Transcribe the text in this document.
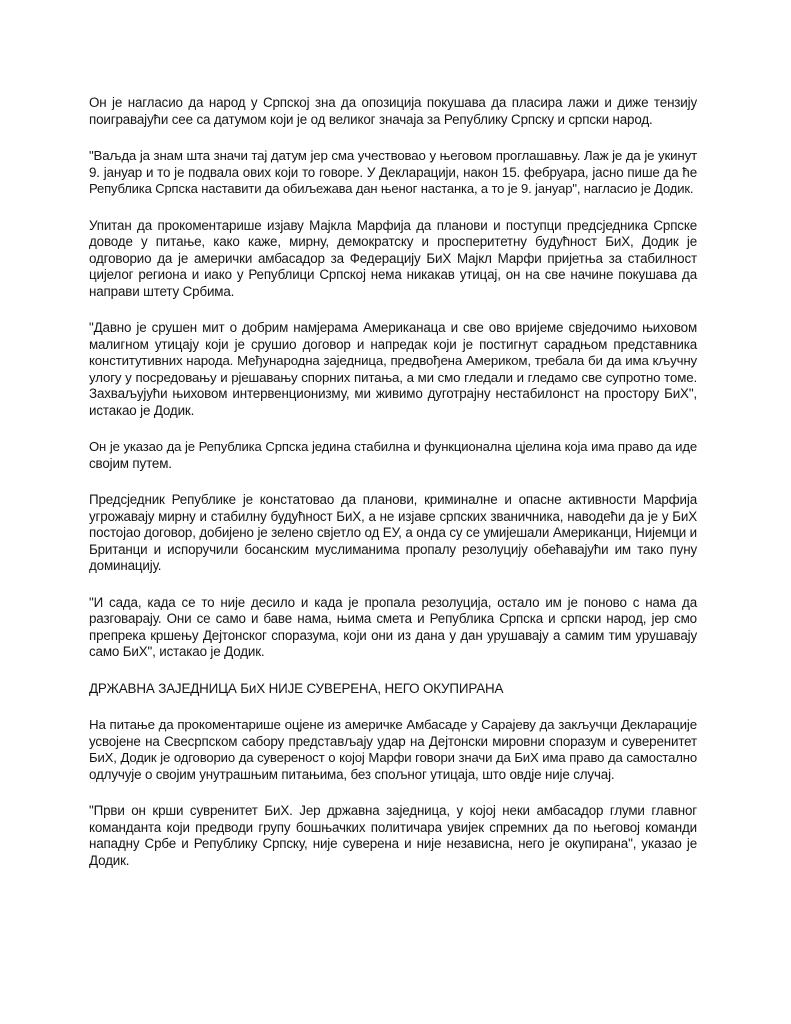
Он је нагласио да народ у Српској зна да опозиција покушава да пласира лажи и диже тензију
поигравајући сее са датумом који је од великог значаја за Републику Српску и српски народ.
"Ваљда ја знам шта значи тај датум јер сма учествовао у његовом проглашавњу. Лаж је да је укинут
9. јануар и то је подвала ових који то говоре. У Декларацији, након 15. фебруара, јасно пише да ће
Република Српска наставити да обиљежава дан њеног настанка, а то је 9. јануар", нагласио је Додик.
Упитан да прокоментарише изјаву Мајкла Марфија да планови и поступци предсједника Српске
доводе у питање, како каже, мирну, демократску и просперитетну будућност БиХ, Додик је
одговорио да је амерички амбасадор за Федерацију БиХ Мајкл Марфи пријетња за стабилност
цијелог региона и иако у Републици Српској нема никакав утицај, он на све начине покушава да
направи штету Србима.
"Давно је срушен мит о добрим намјерама Американаца и све ово вријеме свједочимо њиховом
малигном утицају који је срушио договор и напредак који је постигнут сарадњом представника
конститутивних народа. Међународна заједница, предвођена Америком, требала би да има кључну
улогу у посредовању и рјешавању спорних питања, а ми смо гледали и гледамо све супротно томе.
Захваљујући њиховом интервенционизму, ми живимо дуготрајну нестабилонст на простору БиХ",
истакао је Додик.
Он је указао да је Република Српска једина стабилна и функционална цјелина која има право да иде
својим путем.
Предсједник Републике је констатовао да планови, криминалне и опасне активности Марфија
угрожавају мирну и стабилну будућност БиХ, а не изјаве српских званичника, наводећи да је у БиХ
постојао договор, добијено је зелено свјетло од ЕУ, а онда су се умијешали Американци, Нијемци и
Британци и испоручили босанским муслиманима пропалу резолуцију обећавајући им тако пуну
доминацију.
"И сада, када се то није десило и када је пропала резолуција, остало им је поново с нама да
разговарају. Они се само и баве нама, њима смета и Република Српска и српски народ, јер смо
препрека кршењу Дејтонског споразума, који они из дана у дан урушавају а самим тим урушавају
само БиХ", истакао је Додик.
ДРЖАВНА ЗАЈЕДНИЦА БиХ НИЈЕ СУВЕРЕНА, НЕГО ОКУПИРАНА
На питање да прокоментарише оцјене из америчке Амбасаде у Сарајеву да закључци Декларације
усвојене на Свесрпском сабору представљају удар на Дејтонски мировни споразум и суверенитет
БиХ, Додик је одговорио да сувереност о којој Марфи говори значи да БиХ има право да самостално
одлучује о својим унутрашњим питањима, без спољног утицаја, што овдје није случај.
"Први он крши сувренитет БиХ. Јер државна заједница, у којој неки амбасадор глуми главног
команданта који предводи групу бошњачких политичара увијек спремних да по његовој команди
нападну Србе и Републику Српску, није суверена и није независна, него је окупирана", указао је
Додик.
